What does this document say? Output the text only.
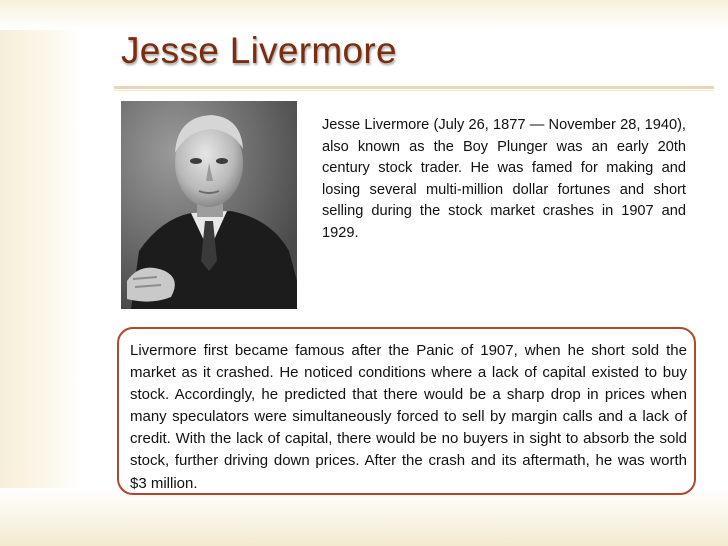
Jesse Livermore
Jesse Livermore (July 26, 1877 — November 28, 1940), also known as the Boy Plunger was an early 20th century stock trader. He was famed for making and losing several multi-million dollar fortunes and short selling during the stock market crashes in 1907 and 1929.
Livermore first became famous after the Panic of 1907, when he short sold the market as it crashed. He noticed conditions where a lack of capital existed to buy stock. Accordingly, he predicted that there would be a sharp drop in prices when many speculators were simultaneously forced to sell by margin calls and a lack of credit. With the lack of capital, there would be no buyers in sight to absorb the sold stock, further driving down prices. After the crash and its aftermath, he was worth $3 million.
